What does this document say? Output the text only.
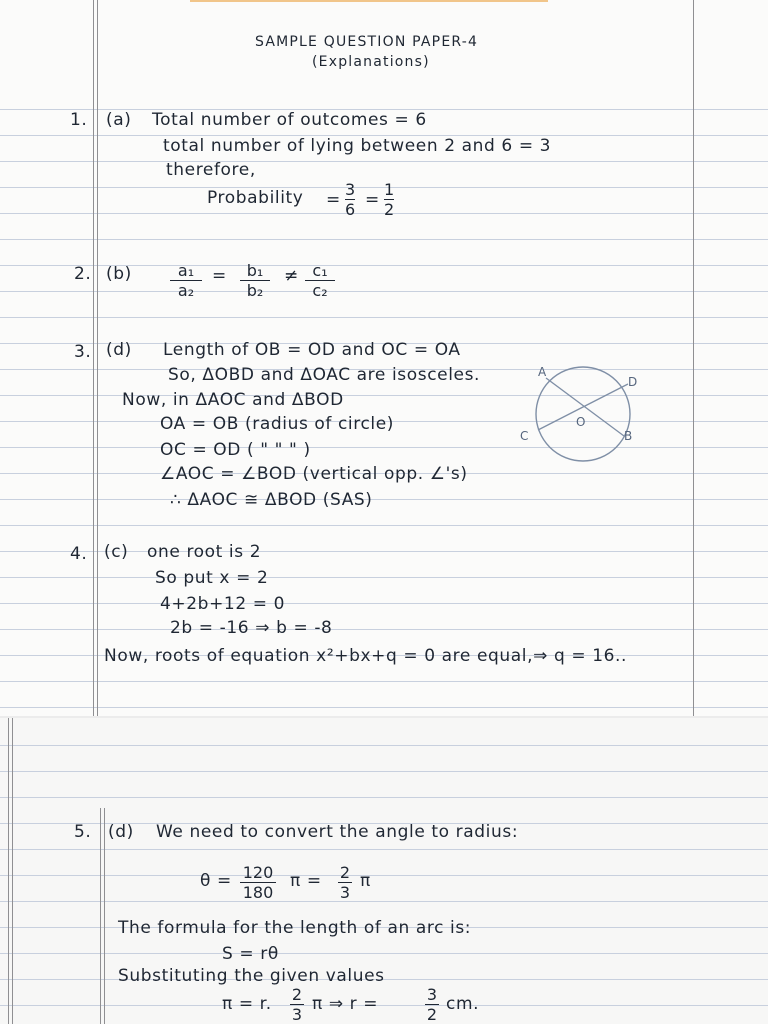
SAMPLE QUESTION PAPER-4
(Explanations)
1. (a) Total number of outcomes = 6
total number of lying between 2 and 6 = 3
therefore,
Probability =
3
6 =
1
2
2. (b)	a₁
a₂
= b₁
b₂
≠ c₁
c₂
3. (d) Length of OB = OD and OC = OA
So, ΔOBD and ΔOAC are isosceles.
Now, in ΔAOC and ΔBOD
OA = OB (radius of circle)
OC = OD ( " " " )
∠AOC = ∠BOD (vertical opp. ∠'s)
∴ ΔAOC ≅ ΔBOD (SAS)
A
D
C	B
O
4. (c) one root is 2
So put x = 2
4+2b+12 = 0
2b = -16 ⇒ b = -8
Now, roots of equation x²+bx+q = 0 are equal,⇒ q = 16..
5. (d) We need to convert the angle to radius:
θ = 120
180
π = 2
3
π
The formula for the length of an arc is:
S = rθ
Substituting the given values
π = r. 2
3
π ⇒ r =	3
2
cm.
